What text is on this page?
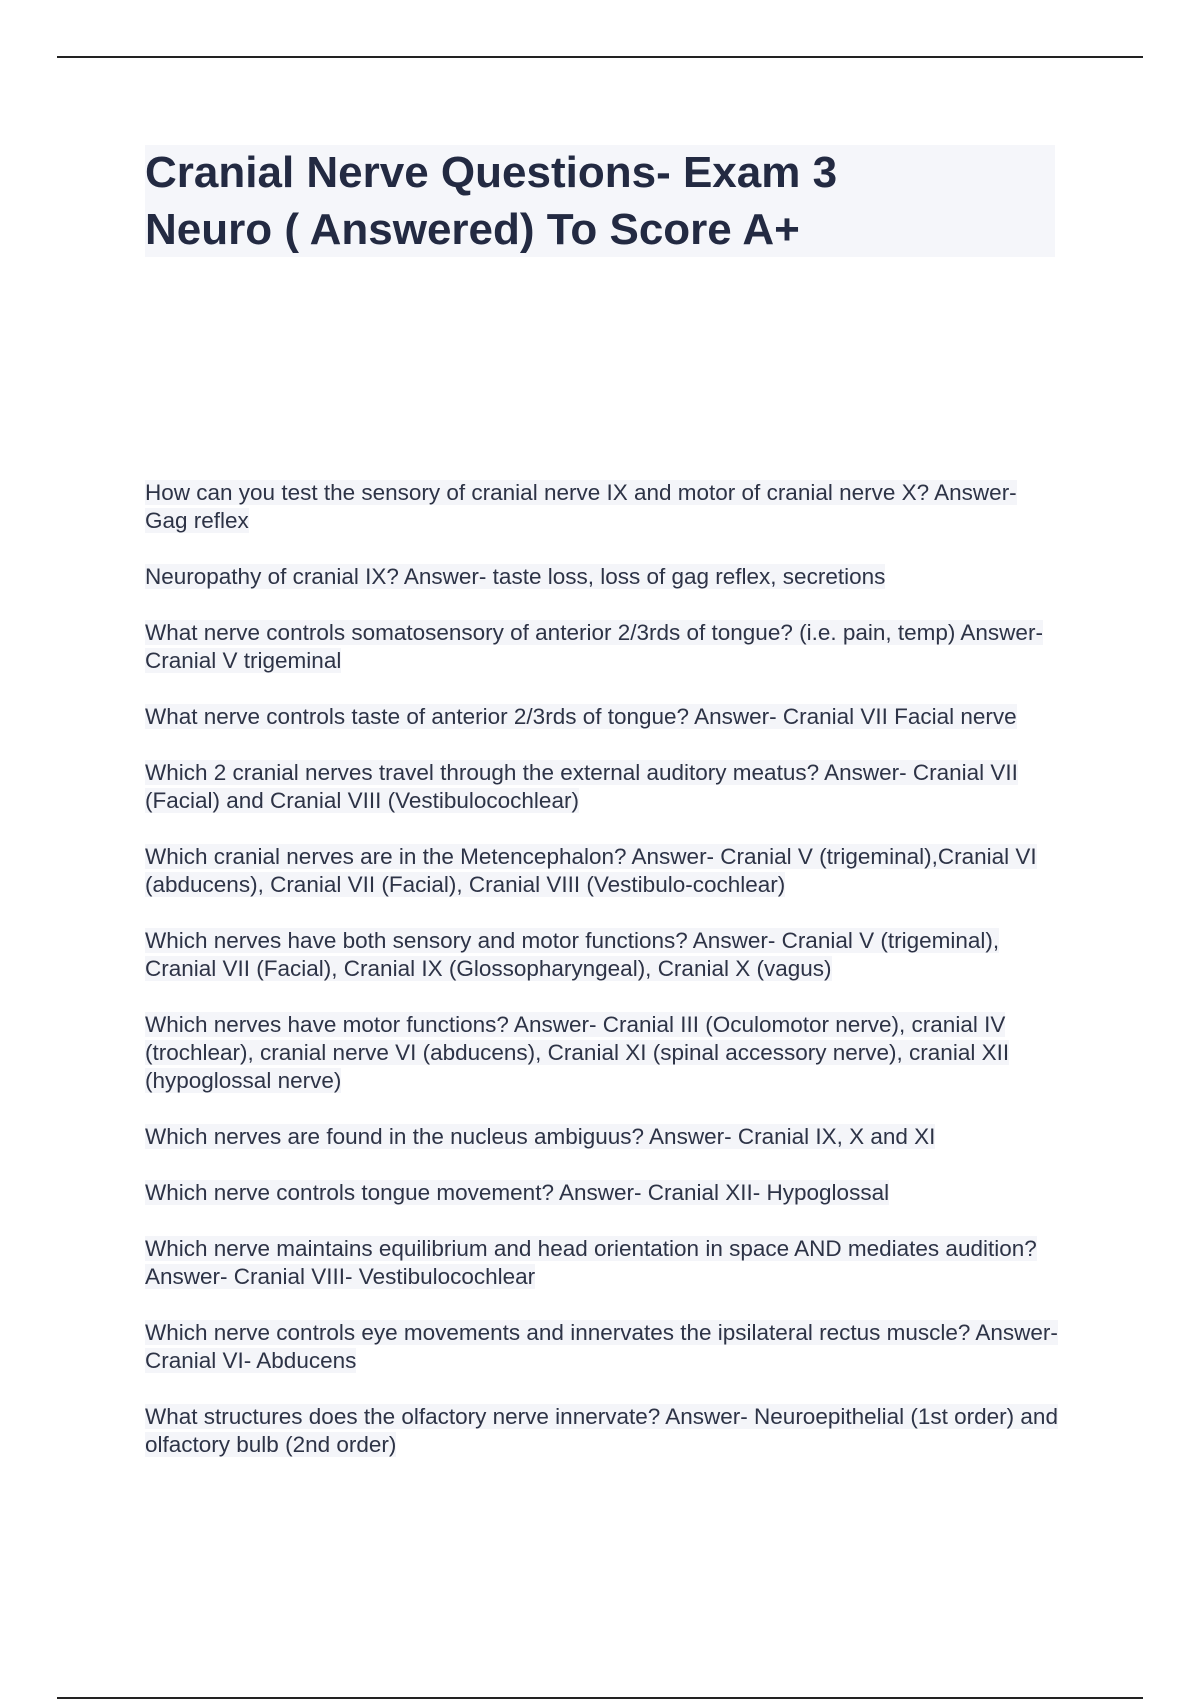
Cranial Nerve Questions- Exam 3
Neuro ( Answered) To Score A+

How can you test the sensory of cranial nerve IX and motor of cranial nerve X? Answer- Gag reflex

Neuropathy of cranial IX? Answer- taste loss, loss of gag reflex, secretions

What nerve controls somatosensory of anterior 2/3rds of tongue? (i.e. pain, temp) Answer- Cranial V trigeminal

What nerve controls taste of anterior 2/3rds of tongue? Answer- Cranial VII Facial nerve

Which 2 cranial nerves travel through the external auditory meatus? Answer- Cranial VII (Facial) and Cranial VIII (Vestibulocochlear)

Which cranial nerves are in the Metencephalon? Answer- Cranial V (trigeminal),Cranial VI (abducens), Cranial VII (Facial), Cranial VIII (Vestibulo-cochlear)

Which nerves have both sensory and motor functions? Answer- Cranial V (trigeminal), Cranial VII (Facial), Cranial IX (Glossopharyngeal), Cranial X (vagus)

Which nerves have motor functions? Answer- Cranial III (Oculomotor nerve), cranial IV (trochlear), cranial nerve VI (abducens), Cranial XI (spinal accessory nerve), cranial XII (hypoglossal nerve)

Which nerves are found in the nucleus ambiguus? Answer- Cranial IX, X and XI

Which nerve controls tongue movement? Answer- Cranial XII- Hypoglossal

Which nerve maintains equilibrium and head orientation in space AND mediates audition? Answer- Cranial VIII- Vestibulocochlear

Which nerve controls eye movements and innervates the ipsilateral rectus muscle? Answer- Cranial VI- Abducens

What structures does the olfactory nerve innervate? Answer- Neuroepithelial (1st order) and olfactory bulb (2nd order)
